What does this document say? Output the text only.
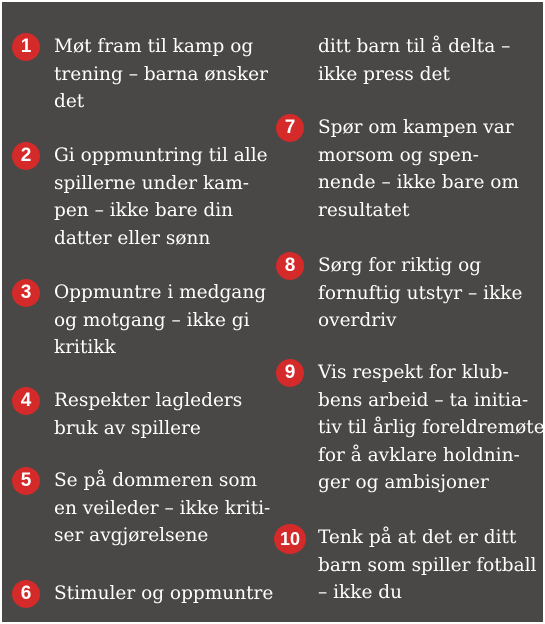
1	Møt fram til kamp og
trening – barna ønsker
det
2	Gi oppmuntring til alle
spillerne under kam-
pen – ikke bare din
datter eller sønn
3	Oppmuntre i medgang
og motgang – ikke gi
kritikk
4	Respekter lagleders
bruk av spillere
5	Se på dommeren som
en veileder – ikke kriti-
ser avgjørelsene
6	Stimuler og oppmuntre
ditt barn til å delta –
ikke press det
7	Spør om kampen var
morsom og spen-
nende – ikke bare om
resultatet
8	Sørg for riktig og
fornuftig utstyr – ikke
overdriv
9	Vis respekt for klub-
bens arbeid – ta initia-
tiv til årlig foreldremøte
for å avklare holdnin-
ger og ambisjoner
10 Tenk på at det er ditt
barn som spiller fotball
– ikke du
